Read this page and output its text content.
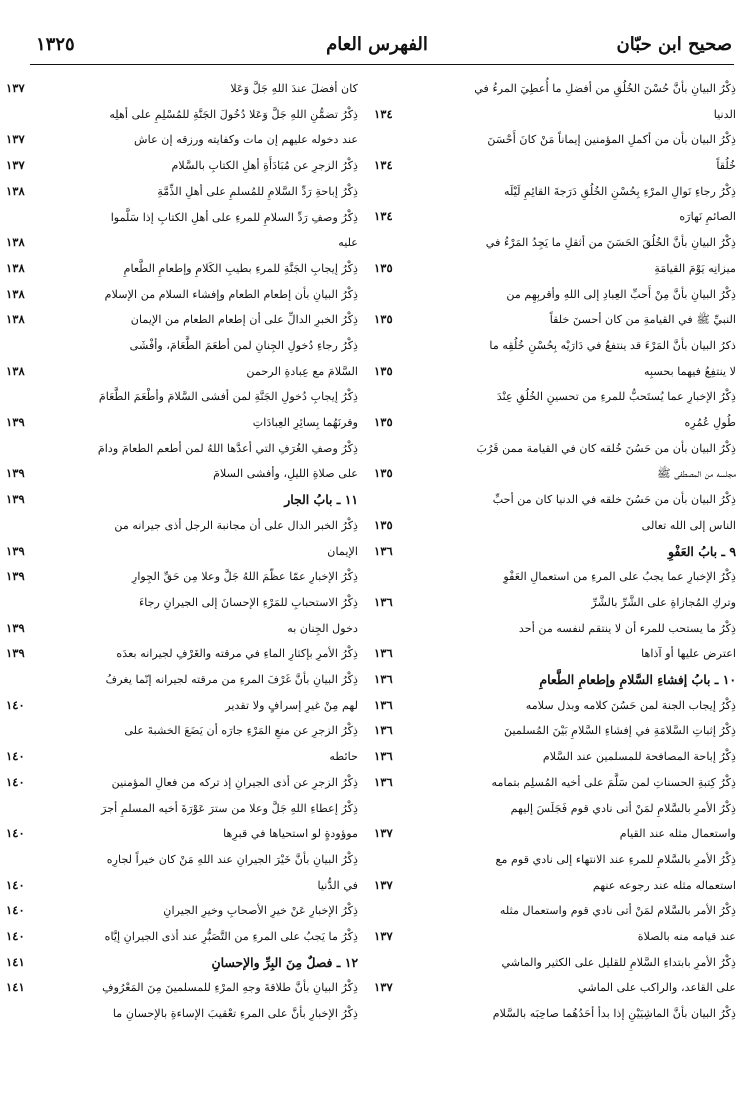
صحيح ابن حبّان
الفهرس العام
١٣٢٥
ذِكْرُ البيانِ بأنَّ حُسْنَ الخُلُقِ من أفضلِ ما أُعطِيَ المرءُ في
الدنيا
١٣٤
ذِكْرُ البيان بأن من أكملِ المؤمنين إيماناً مَنْ كانَ أَحْسَنَ
خُلُقاً
١٣٤
ذِكْرُ رجاءِ نَوالِ المرْءِ بِحُسْنِ الخُلُقِ دَرَجةَ القائِمِ لَيْلَه
الصائمِ نَهارَه
١٣٤
ذِكْرُ البيانِ بأنَّ الخُلُقَ الحَسَنَ من أثقلِ ما يَجِدُ المَرْءُ في
ميزانِه يَوْمَ القيامَةِ
١٣٥
ذِكْرُ البيانِ بأنَّ مِنْ أَحبِّ العِبادِ إلى اللهِ وأقربِهِم من
النبيِّ ﷺ في القيامةِ من كان أحسنَ خلقاً
١٣٥
ذكرُ البيان بأنَّ المَرْءَ قد ينتفعُ في دَارَيْه بِحُسْنِ خُلُقِه ما
لا ينتفِعُ فيهما بحسبِه
١٣٥
ذِكْرُ الإخبارِ عما يُستَحبُّ للمرءِ من تحسينِ الخُلُقِ عِنْدَ
طُولِ عُمُرِه
١٣٥
ذِكْرُ البيان بأن من حَسُنَ خُلقه كان في القيامة ممن قَرُبَ
مجلسه من المصطفى ﷺ
١٣٥
ذِكْرُ البيان بأن من حَسُنَ خلقه في الدنيا كان من أحبِّ
الناس إلى الله تعالى
١٣٥
٩ ـ بابُ العَفْوِ
١٣٦
ذِكْرُ الإخبارِ عما يجبُ على المرءِ من استعمالِ العَفْوِ
وتركِ المُجازاةِ على الشَّرِّ بالشَّرِّ
١٣٦
ذِكْرُ ما يستحب للمرء أن لا ينتقم لنفسه من أحد
اعترض عليها أو آذاها
١٣٦
١٠ ـ بابُ إفشاءِ السَّلامِ وإطعامِ الطَّعامِ
١٣٦
ذِكْرُ إيجاب الجنة لمن حَسُنَ كلامه وبذل سلامه
١٣٦
ذِكْرُ إثباتِ السَّلامَةِ في إفشاءِ السَّلامِ بَيْنَ المُسلمينَ
١٣٦
ذِكْرُ إباحة المصافحة للمسلمين عند السَّلام
١٣٦
ذِكْرُ كِتبةِ الحسناتِ لمن سَلَّمَ على أخيه المُسلِم بتمامه
١٣٦
ذِكْرُ الأمرِ بالسَّلامِ لمَنْ أتى نادي قوم فَجَلَسَ إليهم
واستعمال مثله عند القيام
١٣٧
ذِكْرُ الأمرِ بالسَّلامِ للمرءِ عند الانتهاء إلى نادي قوم مع
استعماله مثله عند رجوعه عنهم
١٣٧
ذِكْرُ الأمر بالسَّلام لمَنْ أتى نادي قوم واستعمال مثله
عند قيامه منه بالصلاة
١٣٧
ذِكْرُ الأمرِ بابتداءِ السَّلامِ للقليل على الكثير والماشي
على القاعد، والراكب على الماشي
١٣٧
ذِكْرُ البيان بأنَّ الماشِيَيْنِ إذا بدأ أحَدُهُما صاحِبَه بالسَّلام
كان أفضلَ عندَ اللهِ جَلَّ وَعَلا
١٣٧
ذِكْرُ تضمُّنِ اللهِ جَلَّ وَعَلا دُخُولَ الجَنَّةِ للمُسْلِمِ على أهلِه
عند دخوله عليهم إن مات وكفايته ورزقه إن عاش
١٣٧
ذِكْرُ الزجرِ عن مُبَادَأَةِ أهلِ الكتابِ بالسَّلام
١٣٧
ذِكْرُ إباحةِ رَدِّ السَّلامِ للمُسلمِ على أهلِ الذِّمَّةِ
١٣٨
ذِكْرُ وصفِ رَدِّ السلامِ للمرءِ على أهلِ الكتابِ إذا سَلَّموا
عليه
١٣٨
ذِكْرُ إيجابِ الجَنَّةِ للمرءِ بطيبِ الكَلامِ وإطعامِ الطَّعامِ
١٣٨
ذِكْرُ البيانِ بأن إطعام الطعام وإفشاء السلام من الإسلام
١٣٨
ذِكْرُ الخبرِ الدالِّ على أن إطعام الطعام من الإيمان
١٣٨
ذِكْرُ رجاءِ دُخولِ الجِنانِ لمن أطعَمَ الطَّعَامَ، وأفْشَى
السَّلامَ مع عِبادةِ الرحمن
١٣٨
ذِكْرُ إيجابِ دُخولِ الجَنَّةِ لمن أفشى السَّلامَ وأطْعَمَ الطَّعَامَ
وقرنَهُما بِسائِرِ العِبادَاتِ
١٣٩
ذِكْرُ وصفِ الغُرَفِ التي أعدَّها اللهُ لمن أطعم الطعامَ ودامَ
على صلاةِ الليلِ، وأفشى السلامَ
١٣٩
١١ ـ بابُ الجار
١٣٩
ذِكْرُ الخبر الدال على أن مجانبة الرجل أذى جيرانه من
الإيمان
١٣٩
ذِكْرُ الإخبارِ عمّا عظّمَ اللهُ جَلَّ وعلا مِن حَقِّ الجِوارِ
١٣٩
ذِكْرُ الاستحبابِ للمَرْءِ الإحسانَ إلى الجيرانِ رجاءَ
دخول الجِنان به
١٣٩
ذِكْرُ الأمرِ بإكثارِ الماءِ في مرقته والغَرْفِ لجيرانه بعدَه
١٣٩
ذِكْرُ البيانِ بأنَّ غَرْفَ المرءِ من مرقته لجيرانه إنّما يغرفُ
لهم مِنْ غيرِ إسرافٍ ولا تقدير
١٤٠
ذِكْرُ الزجرِ عن منعِ المَرْءِ جارَه أن يَضَعَ الخشبةَ على
حائطه
١٤٠
ذِكْرُ الزجرِ عن أذى الجيرانِ إذ تركه من فعالِ المؤمنين
١٤٠
ذِكْرُ إعطاءِ اللهِ جَلَّ وعلا من سترَ عَوْرَةَ أخيه المسلمِ أجرَ
موؤودةٍ لو استحياها في قبرِها
١٤٠
ذِكْرُ البيانِ بأنَّ خَيْرَ الجيرانِ عند اللهِ مَنْ كان خيراً لجارِه
في الدُّنيا
١٤٠
ذِكْرُ الإخبارِ عَنْ خيرِ الأصحابِ وخيرِ الجيرانِ
١٤٠
ذِكْرُ ما يَجبُ على المرءِ من التَّصَبُّرِ عند أذى الجيرانِ إيَّاه
١٤٠
١٢ ـ فصلٌ مِنَ البِرِّ والإحسانِ
١٤١
ذِكْرُ البيانِ بأنَّ طلاقةَ وجهِ المرْءِ للمسلمينَ مِنَ المَعْرُوفِ
١٤١
ذِكْرُ الإخبارِ بأنَّ على المرءِ تعْقيبَ الإساءةِ بالإحسانِ ما
